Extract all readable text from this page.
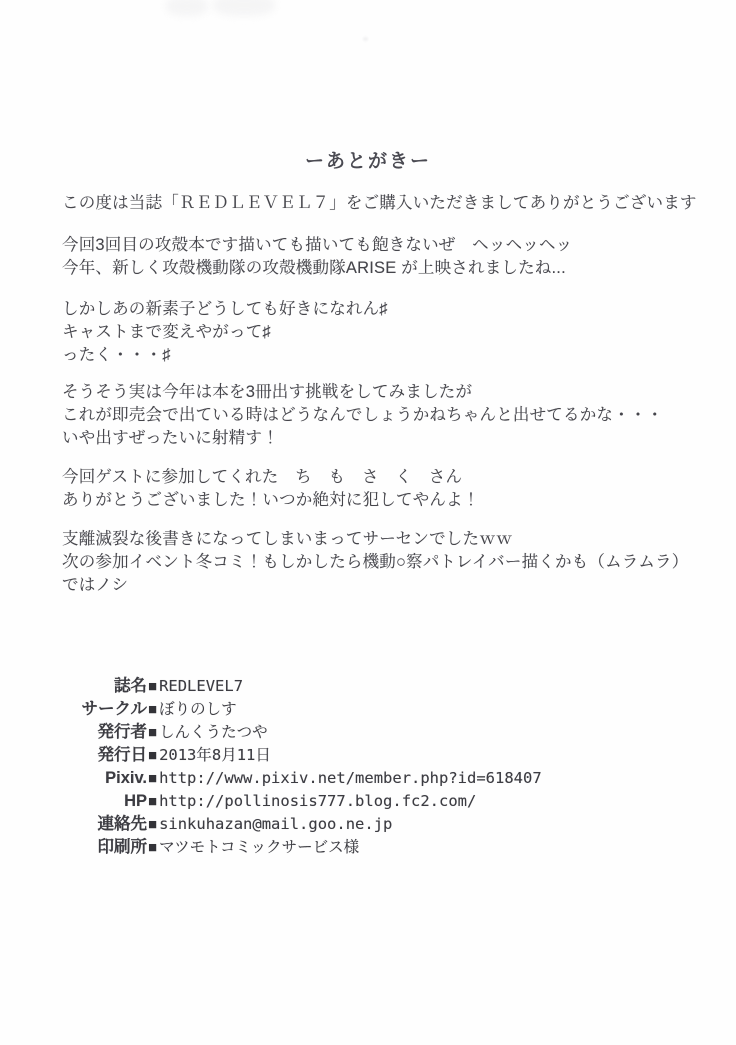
ーあとがきー

この度は当誌「ＲＥＤＬＥＶＥＬ７」をご購入いただきましてありがとうございます

今回3回目の攻殻本です描いても描いても飽きないぜ　ヘッヘッヘッ
今年、新しく攻殻機動隊の攻殻機動隊ARISE が上映されましたね...

しかしあの新素子どうしても好きになれん♯
キャストまで変えやがって♯
ったく・・・♯

そうそう実は今年は本を3冊出す挑戦をしてみましたが
これが即売会で出ている時はどうなんでしょうかねちゃんと出せてるかな・・・
いや出すぜったいに射精す！

今回ゲストに参加してくれた　ち　も　さ　く　さん
ありがとうございました！いつか絶対に犯してやんよ！

支離滅裂な後書きになってしまいまってサーセンでしたｗｗ
次の参加イベント冬コミ！もしかしたら機動○察パトレイバー描くかも（ムラムラ）
ではノシ

誌名 ■ REDLEVEL7
サークル ■ ぼりのしす
発行者 ■ しんくうたつや
発行日 ■ 2013年8月11日
Pixiv. ■ http://www.pixiv.net/member.php?id=618407
HP ■ http://pollinosis777.blog.fc2.com/
連絡先 ■ sinkuhazan@mail.goo.ne.jp
印刷所 ■ マツモトコミックサービス様
